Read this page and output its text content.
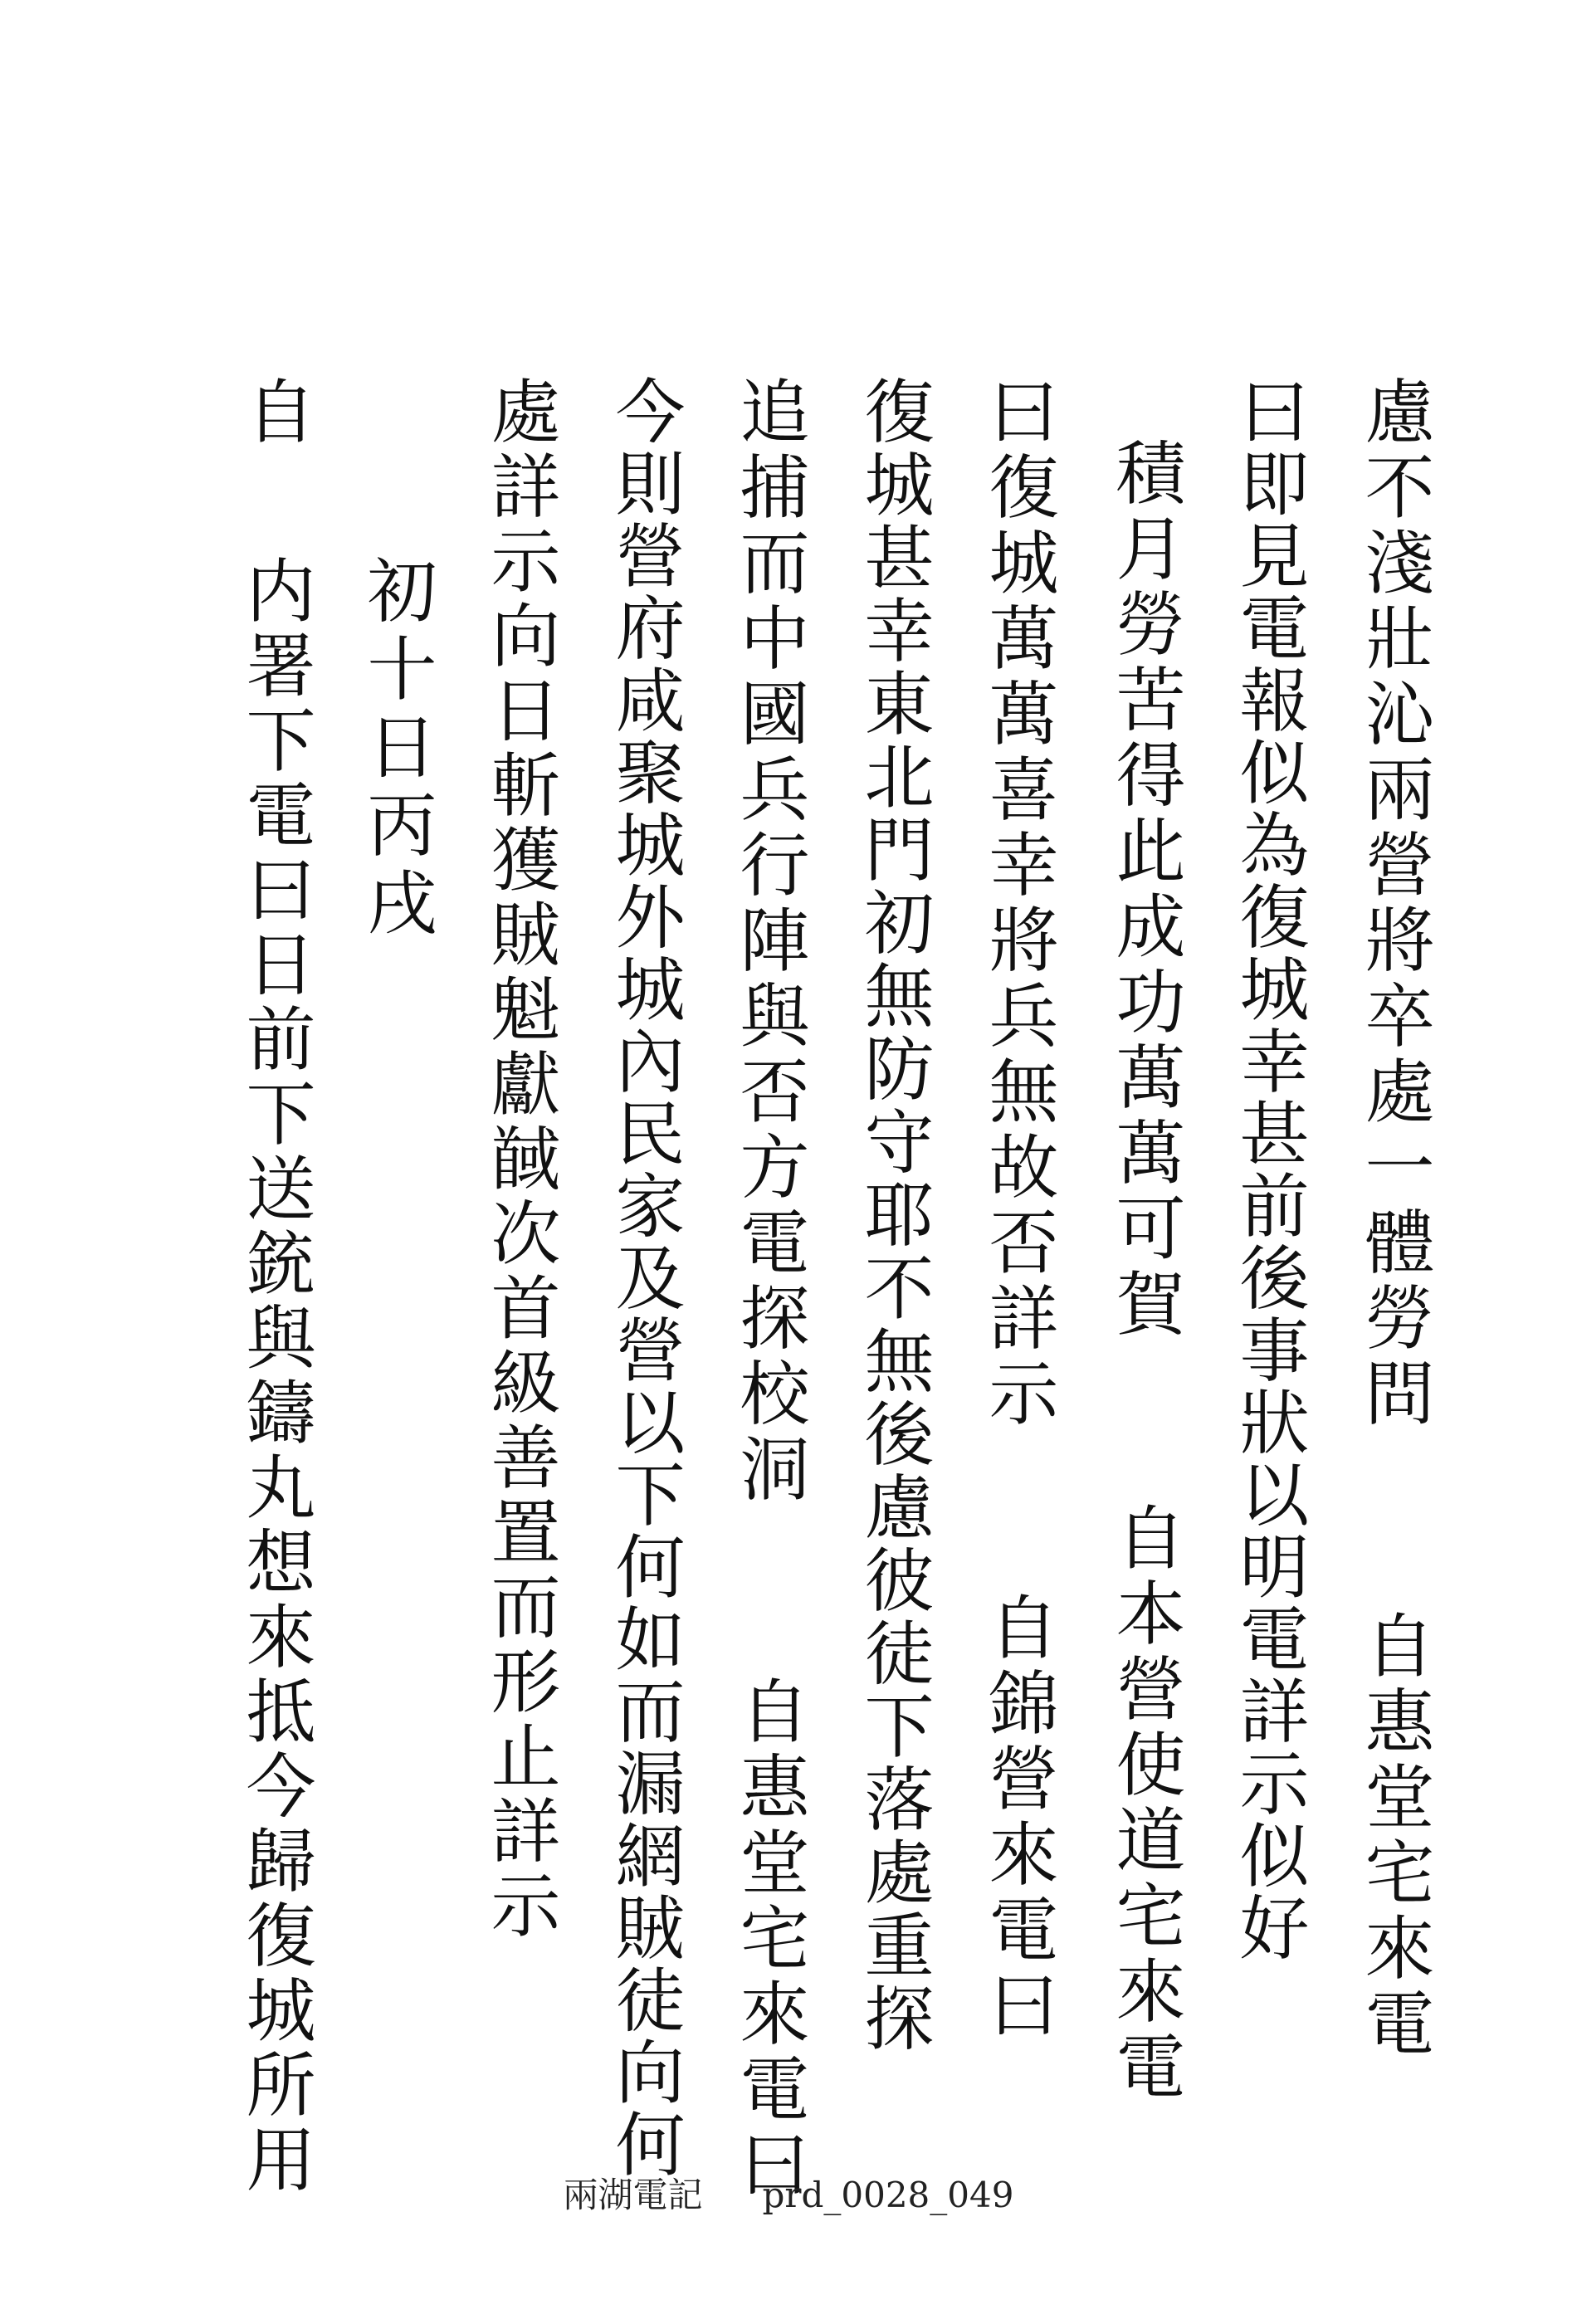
慮不淺壯沁兩營將卒處一體勞問 自惠堂宅來電
曰即見電報似為復城幸甚前後事狀以明電詳示似好
積月勞苦得此成功萬萬可賀 自本營使道宅來電
曰復城萬萬喜幸將兵無故否詳示 自錦營來電曰
復城甚幸東北門初無防守耶不無後慮彼徒下落處重探
追捕而中國兵行陣與否方電探校洞 自惠堂宅來電曰
今則營府咸聚城外城內民家及營以下何如而漏網賊徒向何
處詳示向日斬獲賊魁獻馘次首級善置而形止詳示
初十日丙戌
自 内署下電曰日前下送銃與鑄丸想來抵今歸復城所用	兩湖電記 prd_0028_049
